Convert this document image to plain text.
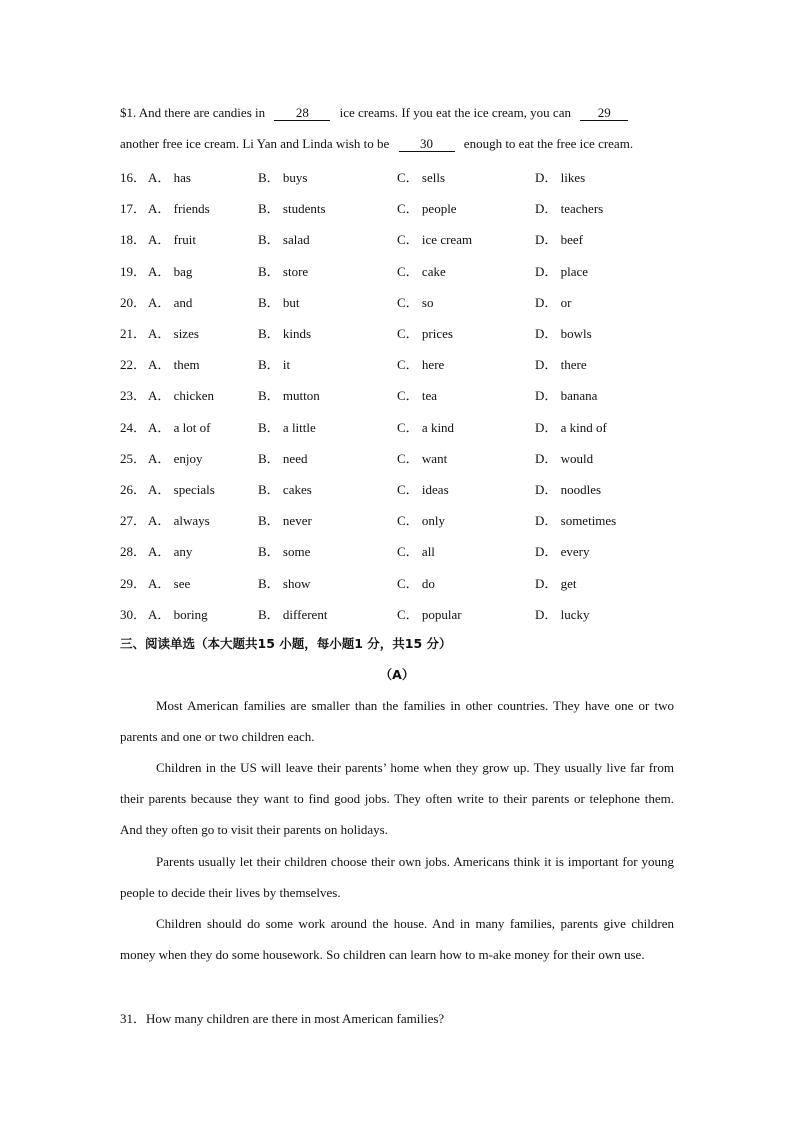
$1. And there are candies in 28 ice creams. If you eat the ice cream, you can 29
another free ice cream. Li Yan and Linda wish to be 30 enough to eat the free ice cream.
16． A． has	B． buys	C． sells	D． likes
17． A． friends	B． students	C． people	D． teachers
18． A． fruit	B． salad	C． ice cream	D． beef
19． A． bag	B． store	C． cake	D． place
20． A． and	B． but	C． so	D． or
21． A． sizes	B． kinds	C． prices	D． bowls
22． A． them	B． it	C． here	D． there
23． A． chicken	B． mutton	C． tea	D． banana
24． A． a lot of	B． a little	C． a kind	D． a kind of
25． A． enjoy	B． need	C． want	D． would
26． A． specials	B． cakes	C． ideas	D． noodles
27． A． always	B． never	C． only	D． sometimes
28． A． any	B． some	C． all	D． every
29． A． see	B． show	C． do	D． get
30． A． boring	B． different	C． popular	D． lucky
三、阅读单选（本大题共15 小题，每小题1 分，共15 分）
（A）
Most American families are smaller than the families in other countries. They have one or two parents and one or two children each.
Children in the US will leave their parents’ home when they grow up. They usually live far from their parents because they want to find good jobs. They often write to their parents or telephone them. And they often go to visit their parents on holidays.
Parents usually let their children choose their own jobs. Americans think it is important for young people to decide their lives by themselves.
Children should do some work around the house. And in many families, parents give children money when they do some housework. So children can learn how to m-ake money for their own use.
31．How many children are there in most American families?
